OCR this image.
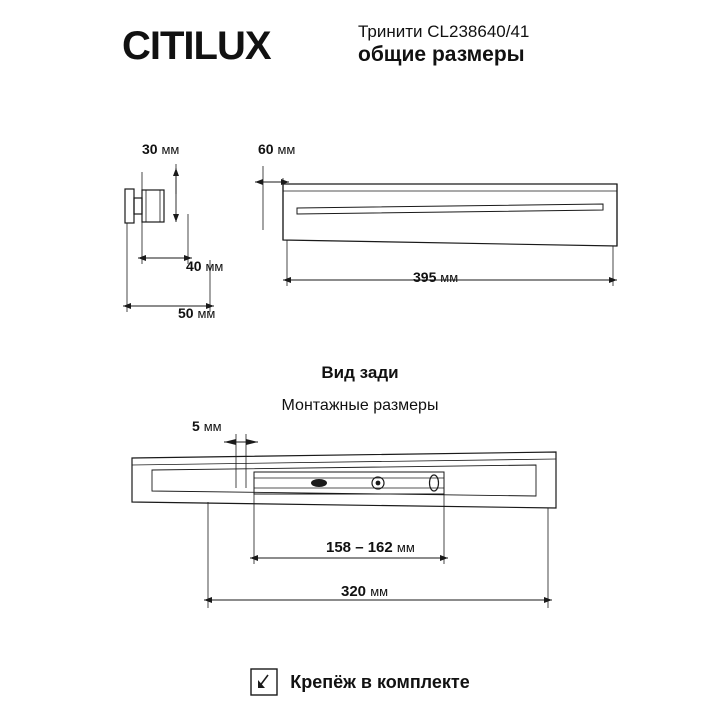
CITILUX	Тринити CL238640/41
общие размеры
30 мм
40 мм
50 мм
60 мм
395 мм
Вид зади
Монтажные размеры
5 мм
158 – 162 мм
320 мм
Крепёж в комплекте
